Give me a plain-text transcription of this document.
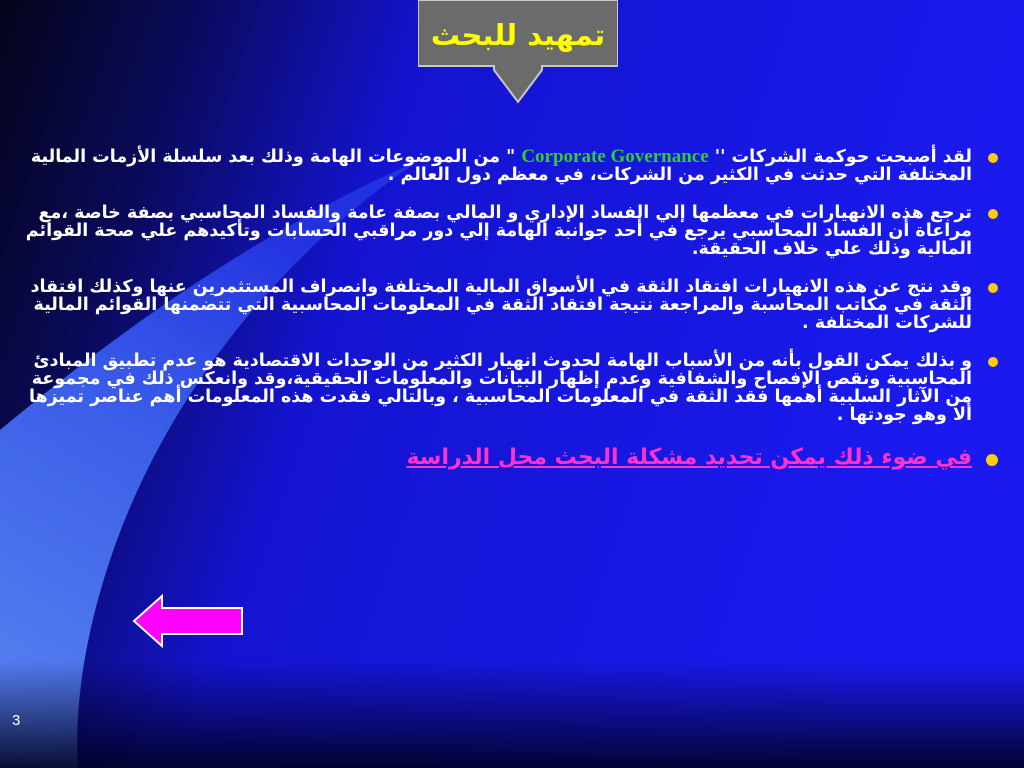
تمهيد للبحث
لقد أصبحت حوكمة الشركات '' Corporate Governance " من الموضوعات الهامة وذلك بعد سلسلة الأزمات المالية المختلفة التي حدثت في الكثير من الشركات، في معظم دول العالم .
ترجع هذه الانهيارات في معظمها إلي الفساد الإداري و المالي بصفة عامة والفساد المحاسبي بصفة خاصة ،مع مراعاة أن الفساد المحاسبي يرجع في أحد جوانبة الهامة إلي دور مراقبي الحسابات وتأكيدهم علي صحة القوائم المالية وذلك علي خلاف الحقيقة.
وقد نتج عن هذه الانهيارات افتقاد الثقة في الأسواق المالية المختلفة وانصراف المستثمرين عنها وكذلك افتقاد الثقة في مكاتب المحاسبة والمراجعة نتيجة افتقاد الثقة في المعلومات المحاسبية التي تتضمنها القوائم المالية للشركات المختلفة .
و بذلك يمكن القول بأنه من الأسباب الهامة لحدوث انهيار الكثير من الوحدات الاقتصادية هو عدم تطبيق المبادئ المحاسبية ونقص الإفصاح والشفافية وعدم إظهار البيانات والمعلومات الحقيقية،وقد وانعكس ذلك في مجموعة من الآثار السلبية أهمها فقد الثقة في المعلومات المحاسبية ، وبالتالي فقدت هذه المعلومات أهم عناصر تميزها ألا وهو جودتها .
في ضوء ذلك يمكن تحديد مشكلة البحث محل الدراسة
3
